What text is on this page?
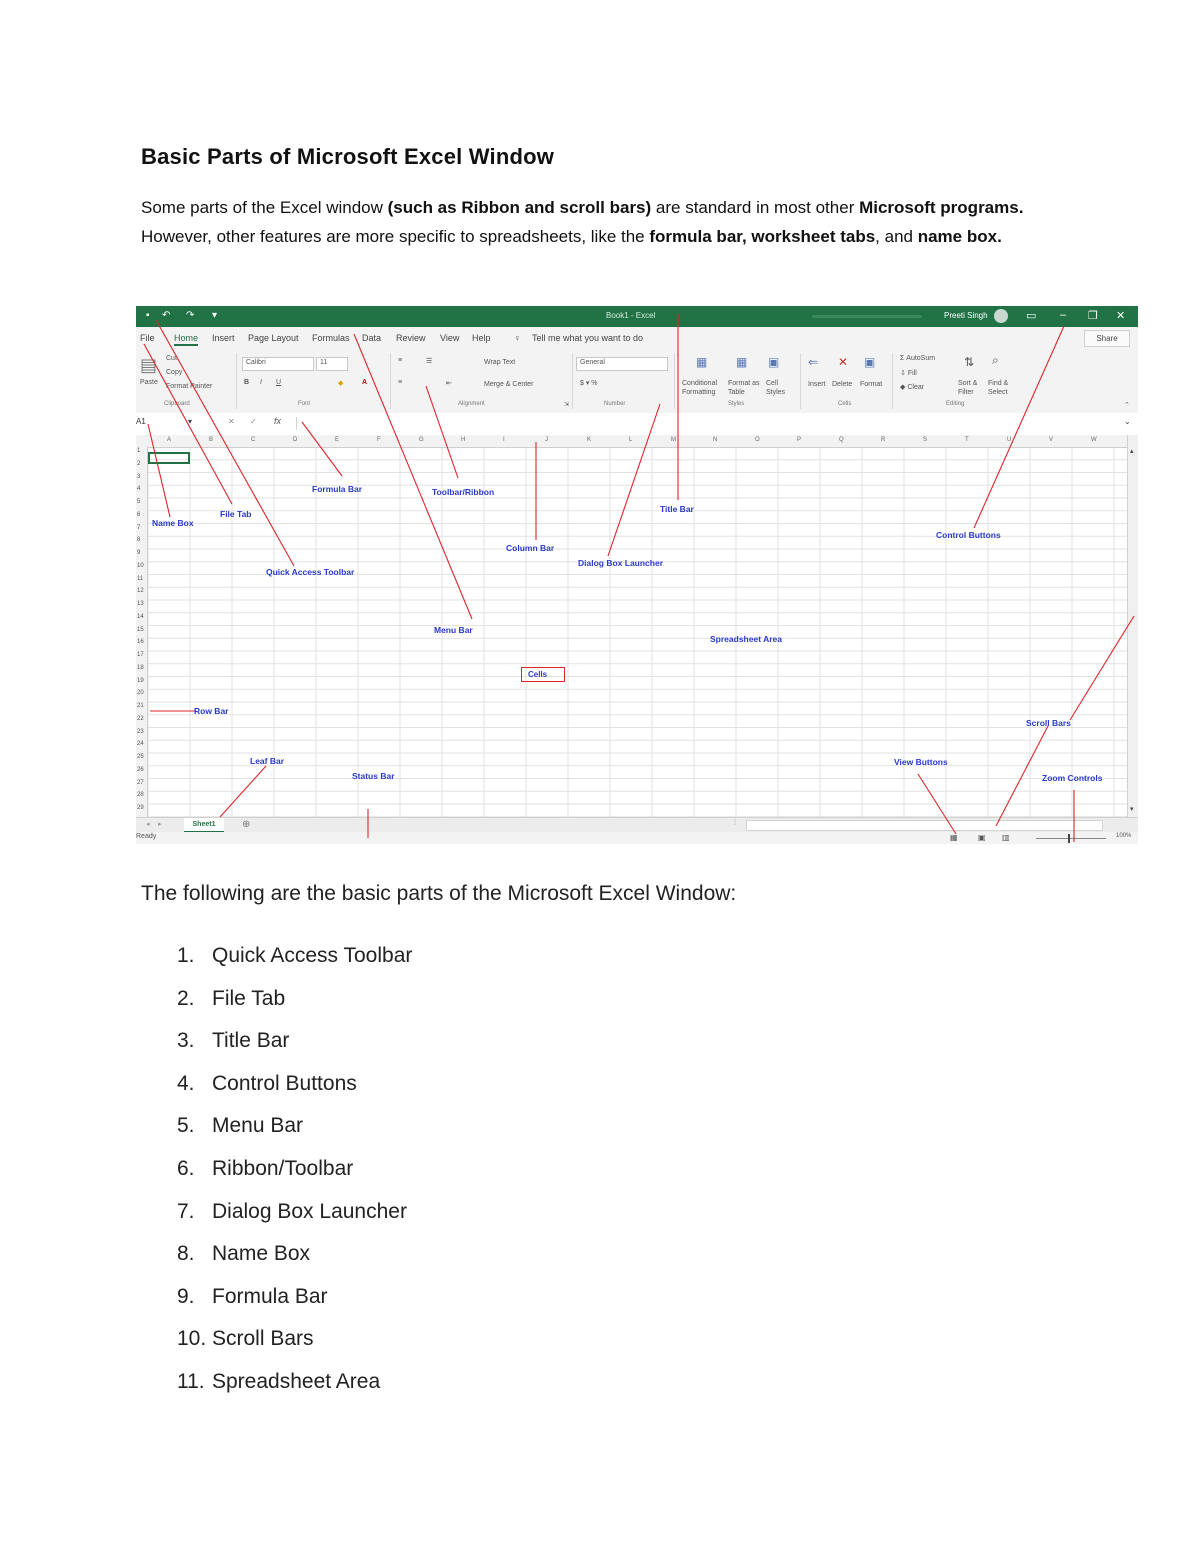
Basic Parts of Microsoft Excel Window

Some parts of the Excel window (such as Ribbon and scroll bars) are standard in most other Microsoft programs. However, other features are more specific to spreadsheets, like the formula bar, worksheet tabs, and name box.

▪ ↶ ↷ ▾	Book1 - Excel	Preeti Singh	▭ – ❐ ✕
File Home Insert Page Layout Formulas Data Review View Help	♀ Tell me what you want to do	Share
▤
Paste
Cut
Copy
Format Painter
Clipboard
Calibri	11
B I U	◆	A
Font
≡	☰
≡	⇤
Wrap Text
Merge & Center
Alignment	⇲
General
$ ▾ %
Number
▦ ▦ ▣
Conditional Formatting
Format as Table
Cell Styles
Styles
⇐ ✕ ▣
Insert Delete Format
Cells
Σ AutoSum
⇩ Fill
◆ Clear
⇅ ⌕
Sort & Filter
Find & Select
Editing	⌃
A1	▾	✕ ✓ fx	⌄
A	B	C	D	E	F	G	H	I	J	K	L	M	N	O	P	Q	R	S	T	U	V	W
1
2
3
4
5
6
7
8
9
10
11
12
13
14
15
16
17
18
19
20
21
22
23
24
25
26
27
28
29
▴
▾
◂ ▸	Sheet1	⊕	⁞
Ready	▦	▣ ▥	100%
Cells
Name Box
File Tab
Formula Bar	Toolbar/Ribbon
Title Bar
Control Buttons
Quick Access Toolbar
Column Bar
Dialog Box Launcher
Menu Bar
Spreadsheet Area
Row Bar
Scroll Bars
Leaf Bar	View Buttons
Status Bar	Zoom Controls

The following are the basic parts of the Microsoft Excel Window:

1. Quick Access Toolbar
2. File Tab
3. Title Bar
4. Control Buttons
5. Menu Bar
6. Ribbon/Toolbar
7. Dialog Box Launcher
8. Name Box
9. Formula Bar
10. Scroll Bars
11. Spreadsheet Area
